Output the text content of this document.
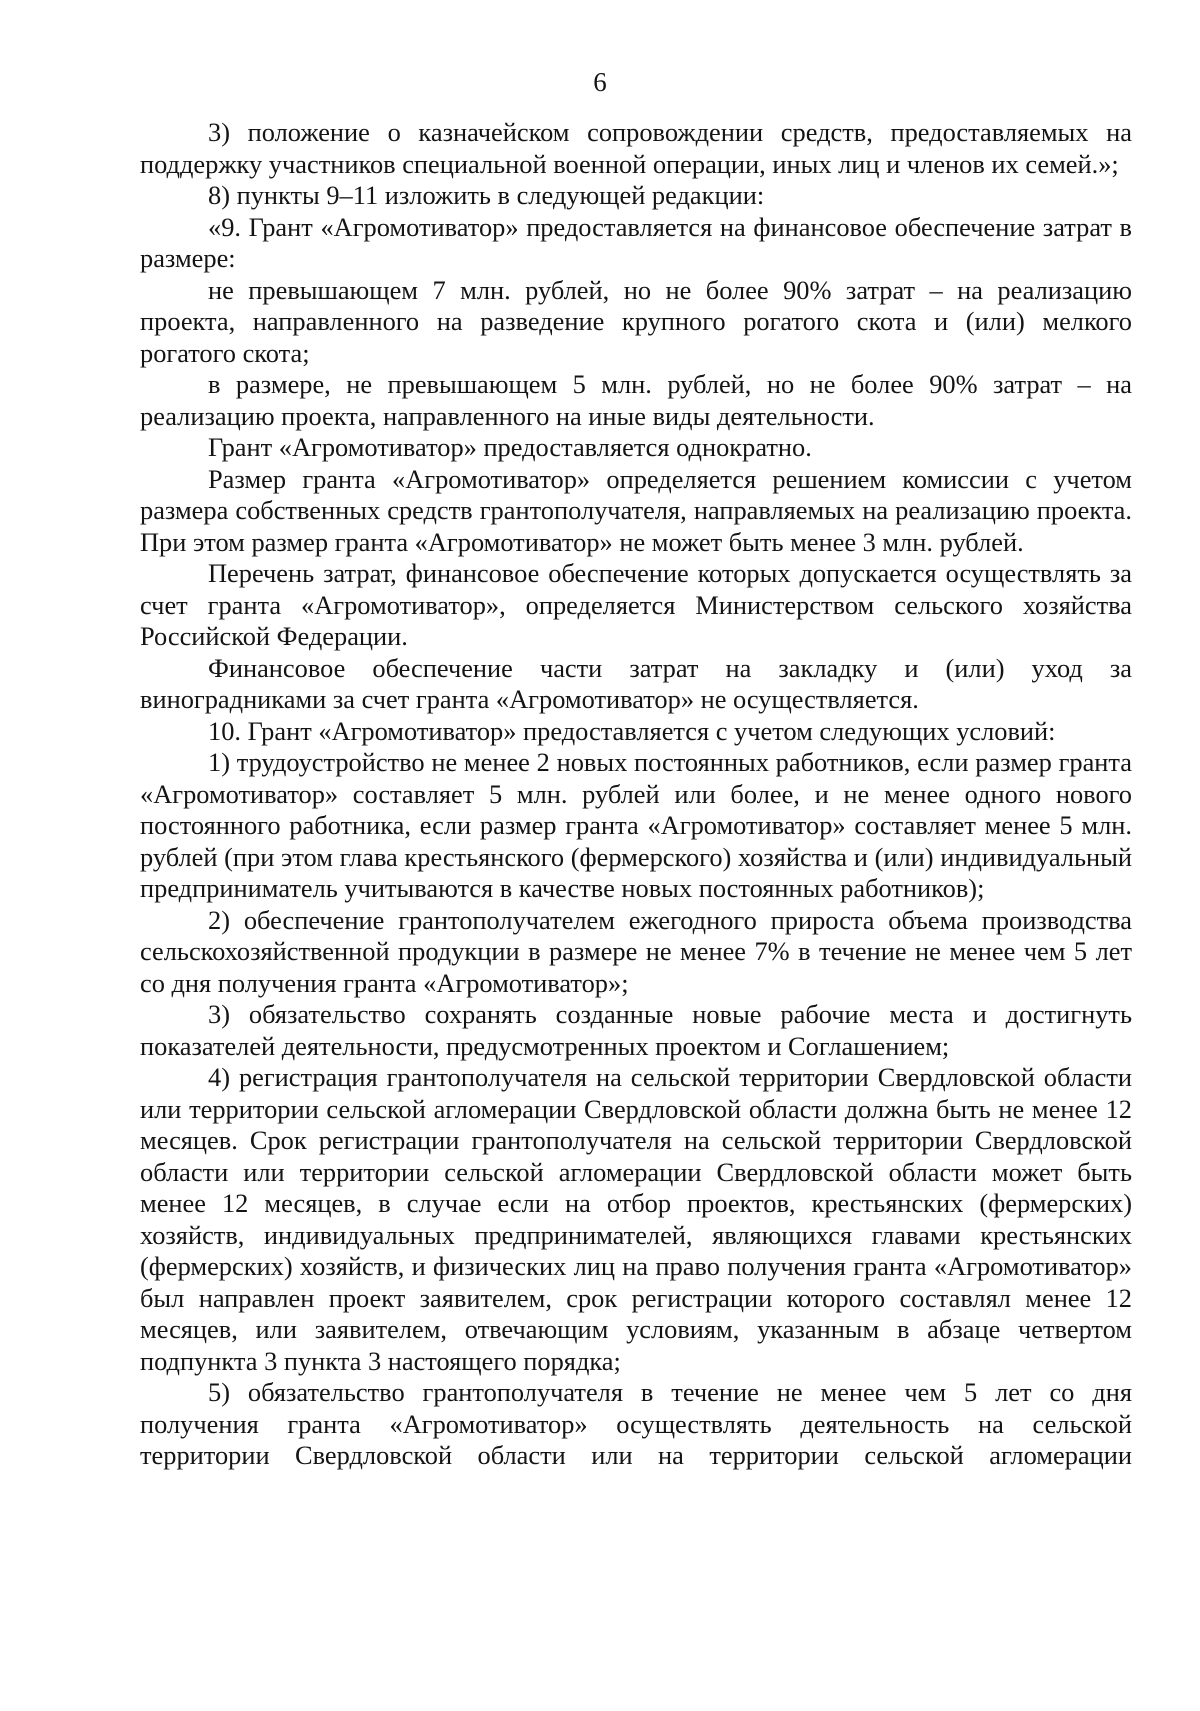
6

3) положение о казначейском сопровождении средств, предоставляемых на поддержку участников специальной военной операции, иных лиц и членов их семей.»;

8) пункты 9–11 изложить в следующей редакции:

«9. Грант «Агромотиватор» предоставляется на финансовое обеспечение затрат в размере:

не превышающем 7 млн. рублей, но не более 90% затрат – на реализацию проекта, направленного на разведение крупного рогатого скота и (или) мелкого рогатого скота;

в размере, не превышающем 5 млн. рублей, но не более 90% затрат – на реализацию проекта, направленного на иные виды деятельности.

Грант «Агромотиватор» предоставляется однократно.

Размер гранта «Агромотиватор» определяется решением комиссии с учетом размера собственных средств грантополучателя, направляемых на реализацию проекта. При этом размер гранта «Агромотиватор» не может быть менее 3 млн. рублей.

Перечень затрат, финансовое обеспечение которых допускается осуществлять за счет гранта «Агромотиватор», определяется Министерством сельского хозяйства Российской Федерации.

Финансовое обеспечение части затрат на закладку и (или) уход за виноградниками за счет гранта «Агромотиватор» не осуществляется.

10. Грант «Агромотиватор» предоставляется с учетом следующих условий:

1) трудоустройство не менее 2 новых постоянных работников, если размер гранта «Агромотиватор» составляет 5 млн. рублей или более, и не менее одного нового постоянного работника, если размер гранта «Агромотиватор» составляет менее 5 млн. рублей (при этом глава крестьянского (фермерского) хозяйства и (или) индивидуальный предприниматель учитываются в качестве новых постоянных работников);

2) обеспечение грантополучателем ежегодного прироста объема производства сельскохозяйственной продукции в размере не менее 7% в течение не менее чем 5 лет со дня получения гранта «Агромотиватор»;

3) обязательство сохранять созданные новые рабочие места и достигнуть показателей деятельности, предусмотренных проектом и Соглашением;

4) регистрация грантополучателя на сельской территории Свердловской области или территории сельской агломерации Свердловской области должна быть не менее 12 месяцев. Срок регистрации грантополучателя на сельской территории Свердловской области или территории сельской агломерации Свердловской области может быть менее 12 месяцев, в случае если на отбор проектов, крестьянских (фермерских) хозяйств, индивидуальных предпринимателей, являющихся главами крестьянских (фермерских) хозяйств, и физических лиц на право получения гранта «Агромотиватор» был направлен проект заявителем, срок регистрации которого составлял менее 12 месяцев, или заявителем, отвечающим условиям, указанным в абзаце четвертом подпункта 3 пункта 3 настоящего порядка;

5) обязательство грантополучателя в течение не менее чем 5 лет со дня получения гранта «Агромотиватор» осуществлять деятельность на сельской территории Свердловской области или на территории сельской агломерации
